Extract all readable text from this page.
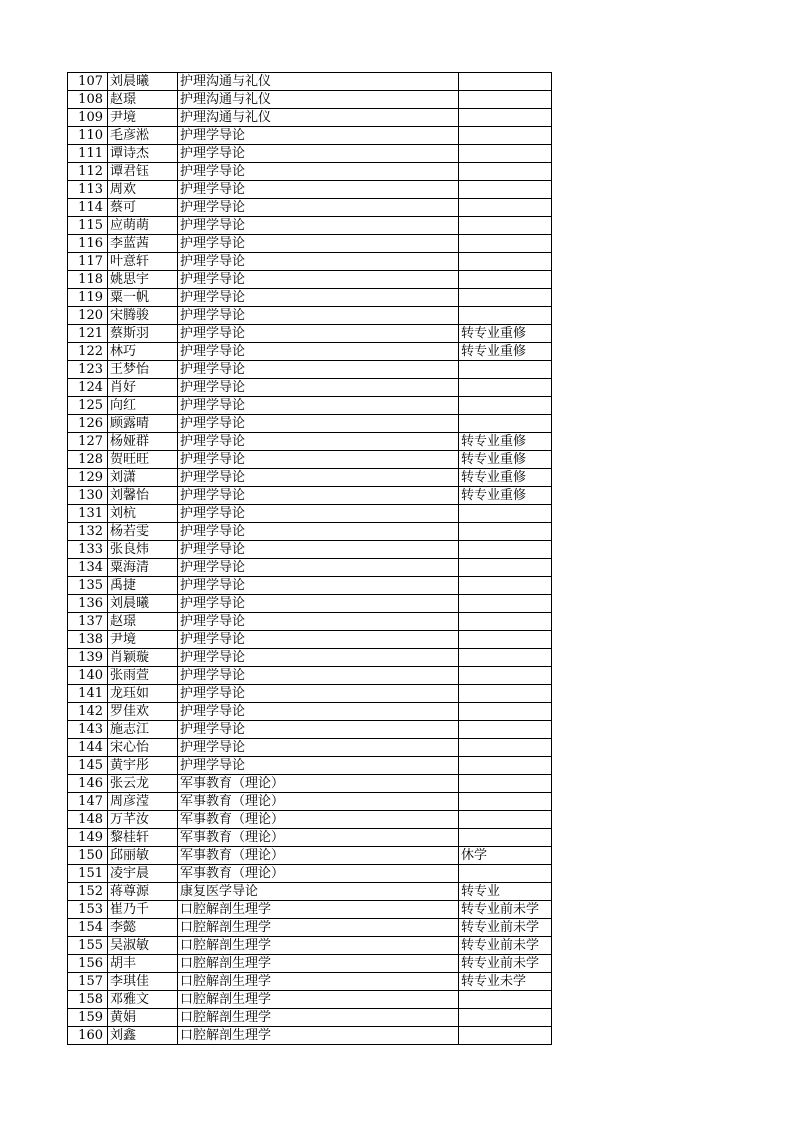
107	刘晨曦	护理沟通与礼仪	
108	赵璟	护理沟通与礼仪	
109	尹境	护理沟通与礼仪	
110	毛彦淞	护理学导论	
111	谭诗杰	护理学导论	
112	谭君钰	护理学导论	
113	周欢	护理学导论	
114	蔡可	护理学导论	
115	应萌萌	护理学导论	
116	李蓝茜	护理学导论	
117	叶意轩	护理学导论	
118	姚思宇	护理学导论	
119	粟一帆	护理学导论	
120	宋腾骏	护理学导论	
121	蔡斯羽	护理学导论	转专业重修
122	林巧	护理学导论	转专业重修
123	王梦怡	护理学导论	
124	肖好	护理学导论	
125	向红	护理学导论	
126	顾露晴	护理学导论	
127	杨娅群	护理学导论	转专业重修
128	贺旺旺	护理学导论	转专业重修
129	刘潇	护理学导论	转专业重修
130	刘馨怡	护理学导论	转专业重修
131	刘杭	护理学导论	
132	杨若雯	护理学导论	
133	张良炜	护理学导论	
134	粟海清	护理学导论	
135	禹捷	护理学导论	
136	刘晨曦	护理学导论	
137	赵璟	护理学导论	
138	尹境	护理学导论	
139	肖颖璇	护理学导论	
140	张雨萱	护理学导论	
141	龙珏如	护理学导论	
142	罗佳欢	护理学导论	
143	施志江	护理学导论	
144	宋心怡	护理学导论	
145	黄宇彤	护理学导论	
146	张云龙	军事教育（理论）	
147	周彦滢	军事教育（理论）	
148	万芊汝	军事教育（理论）	
149	黎桂轩	军事教育（理论）	
150	邱丽敏	军事教育（理论）	休学
151	凌宇晨	军事教育（理论）	
152	蒋尊源	康复医学导论	转专业
153	崔乃千	口腔解剖生理学	转专业前未学
154	李懿	口腔解剖生理学	转专业前未学
155	吴淑敏	口腔解剖生理学	转专业前未学
156	胡丰	口腔解剖生理学	转专业前未学
157	李琪佳	口腔解剖生理学	转专业未学
158	邓雅文	口腔解剖生理学	
159	黄娟	口腔解剖生理学	
160	刘鑫	口腔解剖生理学	
